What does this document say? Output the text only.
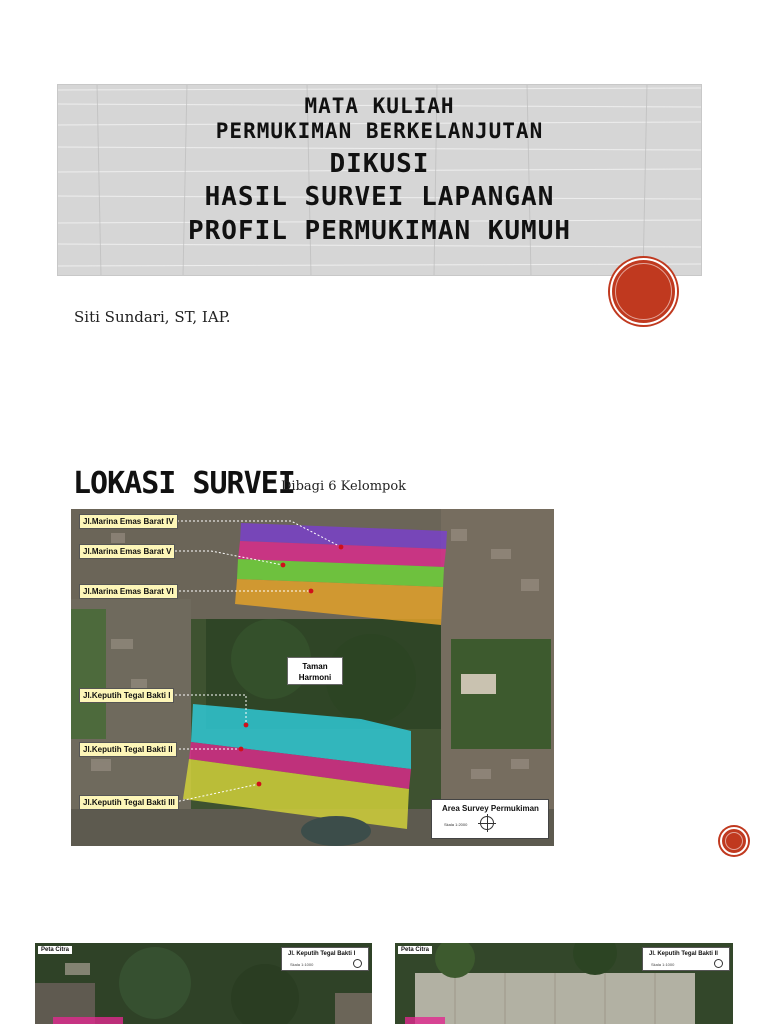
MATA KULIAH
PERMUKIMAN BERKELANJUTAN
DIKUSI
HASIL SURVEI LAPANGAN
PROFIL PERMUKIMAN KUMUH
Siti Sundari, ST, IAP.
LOKASI SURVEI
Dibagi 6 Kelompok
Jl.Marina Emas Barat IV
Jl.Marina Emas Barat V
Jl.Marina Emas Barat VI
Jl.Keputih Tegal Bakti I
Jl.Keputih Tegal Bakti II
Jl.Keputih Tegal Bakti III
Taman
Harmoni
Area Survey Permukiman
Skala 1:2000
Peta Citra
Jl. Keputih Tegal Bakti I
Skala 1:1000
Peta Citra
Jl. Keputih Tegal Bakti II
Skala 1:1000
